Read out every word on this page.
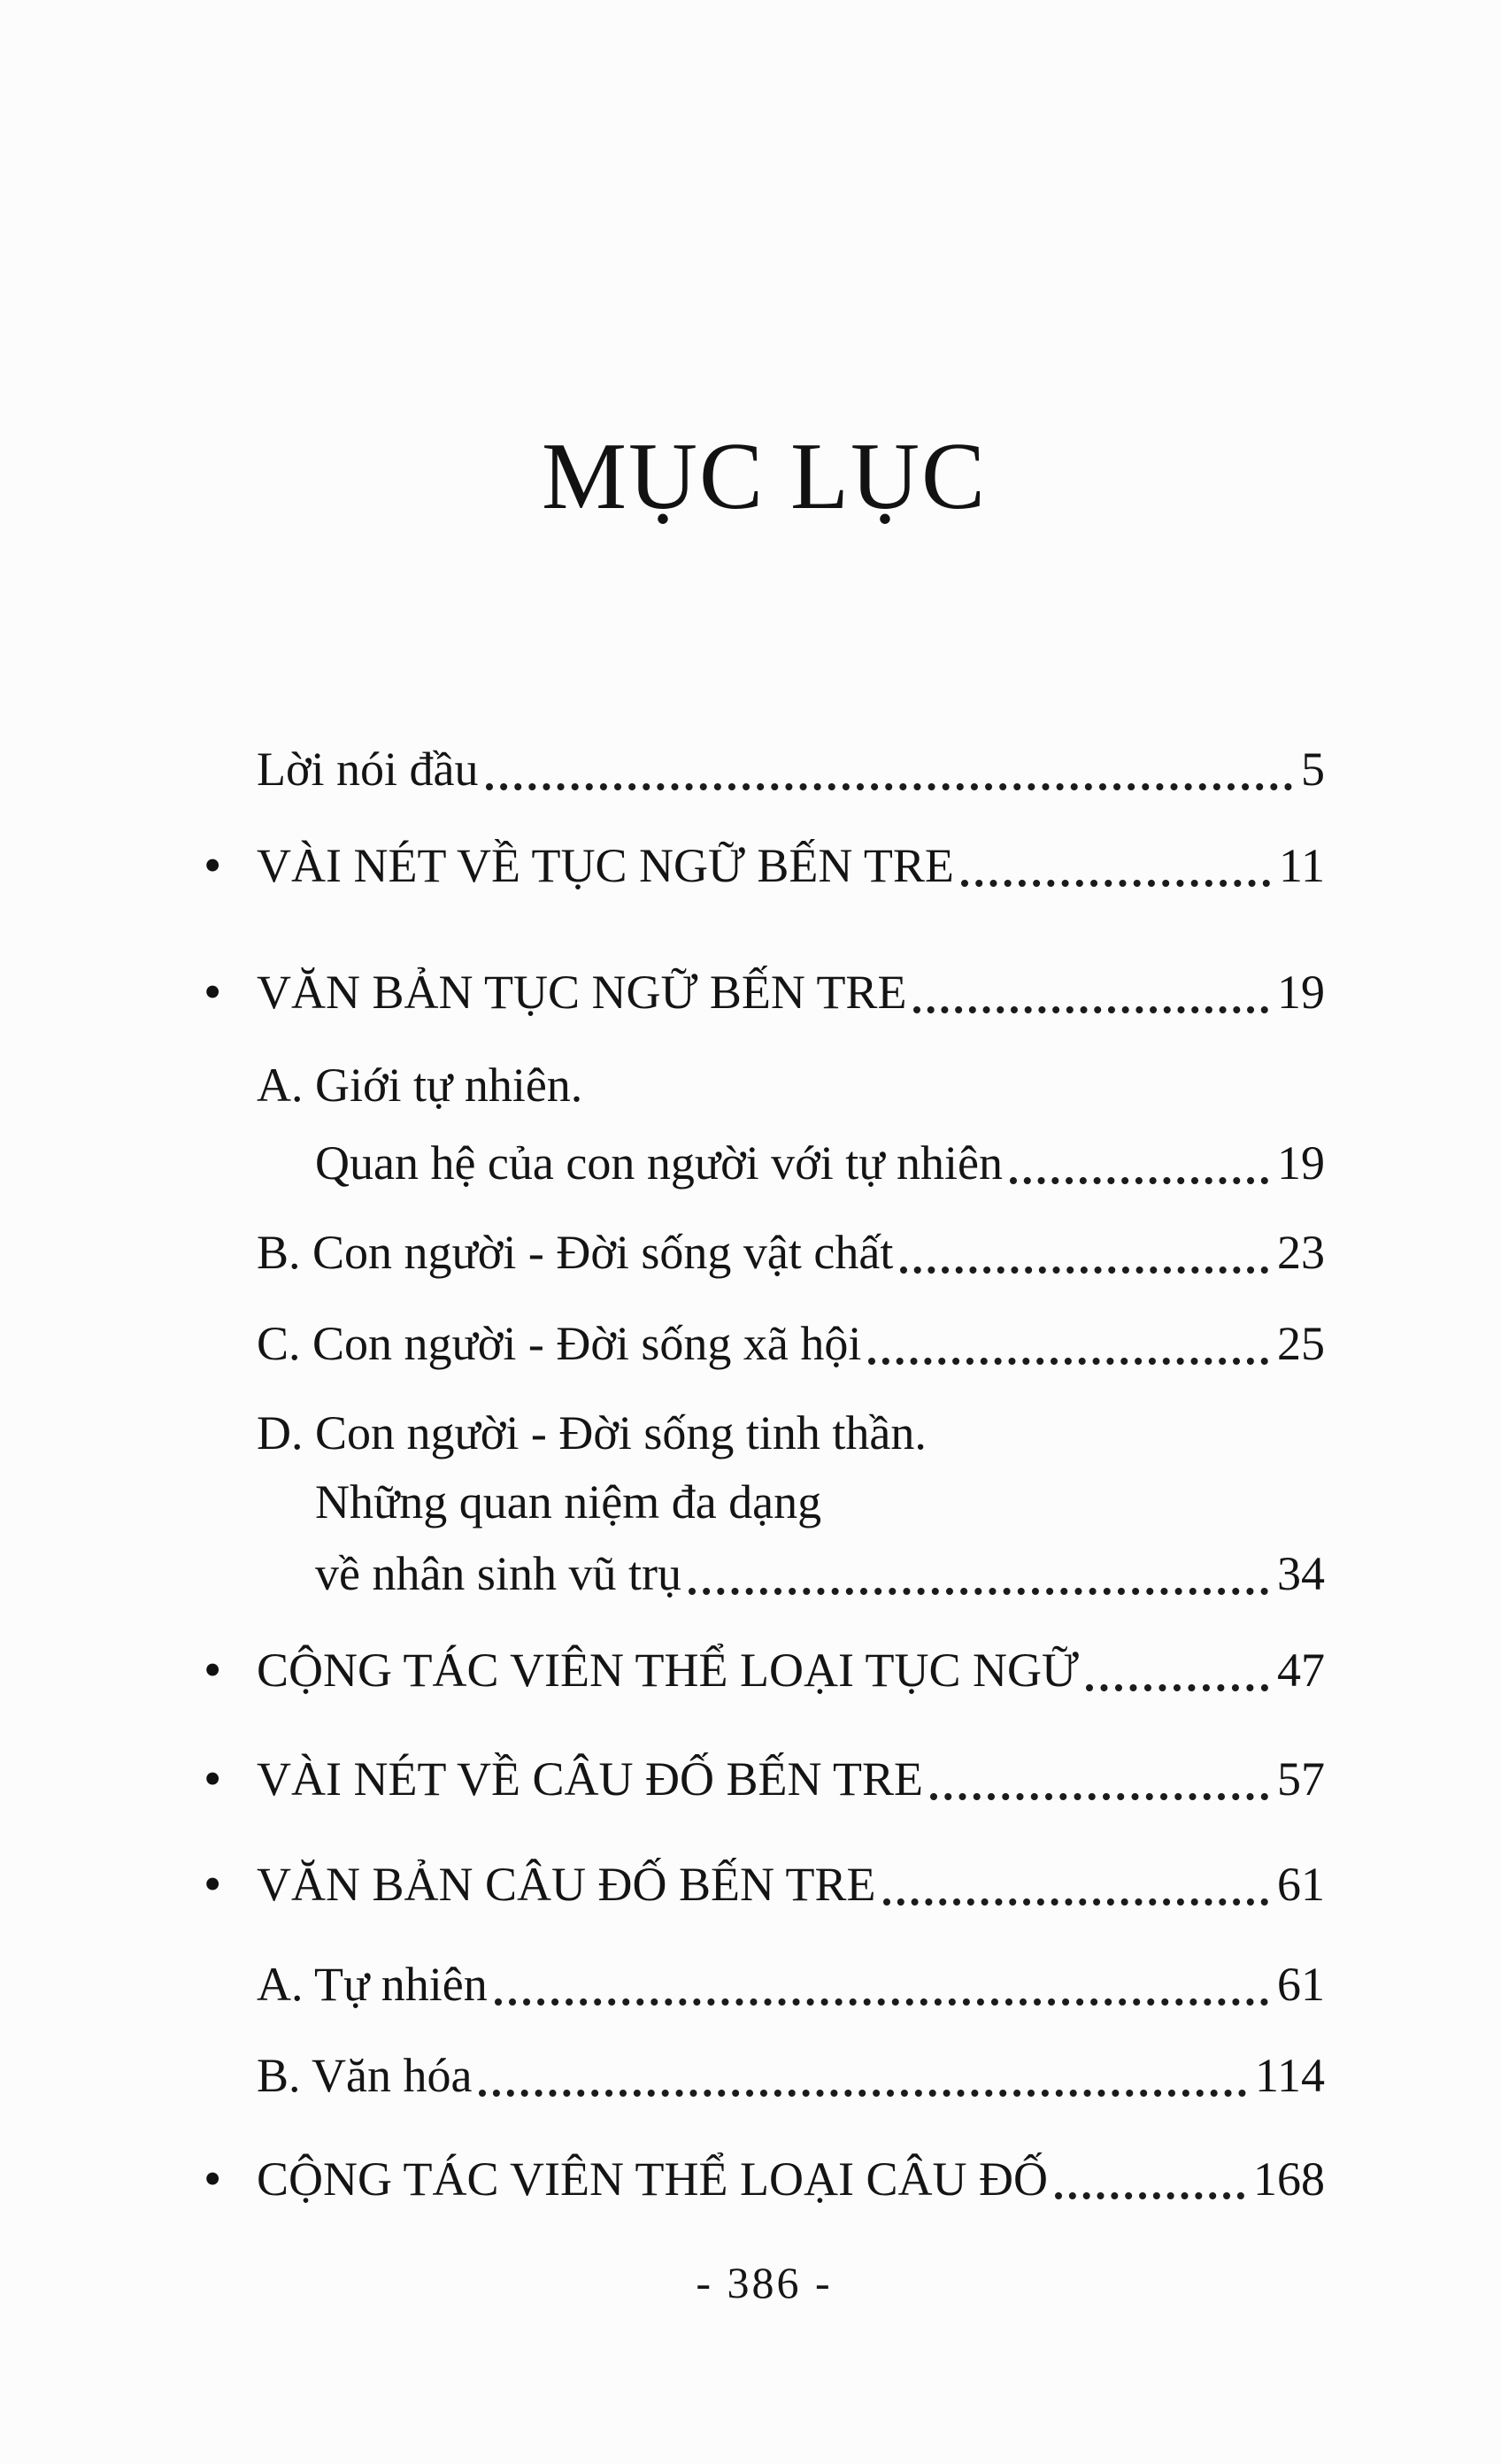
MỤC LỤC
Lời nói đầu	5
• VÀI NÉT VỀ TỤC NGỮ BẾN TRE	11
• VĂN BẢN TỤC NGỮ BẾN TRE	19
A. Giới tự nhiên.
Quan hệ của con người với tự nhiên	19
B. Con người - Đời sống vật chất	23
C. Con người - Đời sống xã hội	25
D. Con người - Đời sống tinh thần.
Những quan niệm đa dạng
về nhân sinh vũ trụ	34
• CỘNG TÁC VIÊN THỂ LOẠI TỤC NGỮ	47
• VÀI NÉT VỀ CÂU ĐỐ BẾN TRE	57
• VĂN BẢN CÂU ĐỐ BẾN TRE	61
A. Tự nhiên	61
B. Văn hóa	114
• CỘNG TÁC VIÊN THỂ LOẠI CÂU ĐỐ	168
- 386 -
